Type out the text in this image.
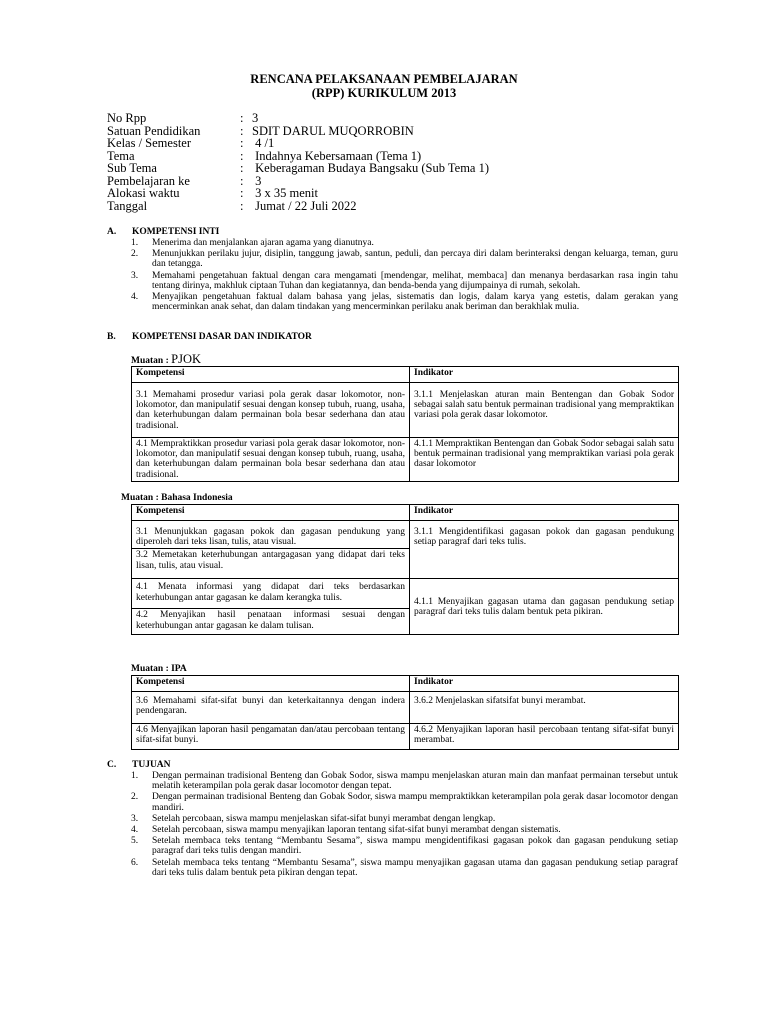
RENCANA PELAKSANAAN PEMBELAJARAN
(RPP) KURIKULUM 2013
No Rpp	: 3
Satuan Pendidikan	: SDIT DARUL MUQORROBIN
Kelas / Semester	: 4 /1
Tema	: Indahnya Kebersamaan (Tema 1)
Sub Tema	: Keberagaman Budaya Bangsaku (Sub Tema 1)
Pembelajaran ke	: 3
Alokasi waktu	: 3 x 35 menit
Tanggal	: Jumat / 22 Juli 2022
A. KOMPETENSI INTI
1.	Menerima dan menjalankan ajaran agama yang dianutnya.
2.	Menunjukkan perilaku jujur, disiplin, tanggung jawab, santun, peduli, dan percaya diri dalam berinteraksi dengan keluarga, teman, guru dan tetangga.
3.	Memahami pengetahuan faktual dengan cara mengamati [mendengar, melihat, membaca] dan menanya berdasarkan rasa ingin tahu tentang dirinya, makhluk ciptaan Tuhan dan kegiatannya, dan benda-benda yang dijumpainya di rumah, sekolah.
4.	Menyajikan pengetahuan faktual dalam bahasa yang jelas, sistematis dan logis, dalam karya yang estetis, dalam gerakan yang mencerminkan anak sehat, dan dalam tindakan yang mencerminkan perilaku anak beriman dan berakhlak mulia.
B. KOMPETENSI DASAR DAN INDIKATOR
Muatan : PJOK
Kompetensi	Indikator
3.1 Memahami prosedur variasi pola gerak dasar lokomotor, non-lokomotor, dan manipulatif sesuai dengan konsep tubuh, ruang, usaha, dan keterhubungan dalam permainan bola besar sederhana dan atau tradisional.	3.1.1 Menjelaskan aturan main Bentengan dan Gobak Sodor sebagai salah satu bentuk permainan tradisional yang mempraktikan variasi pola gerak dasar lokomotor.
4.1 Mempraktikkan prosedur variasi pola gerak dasar lokomotor, non-lokomotor, dan manipulatif sesuai dengan konsep tubuh, ruang, usaha, dan keterhubungan dalam permainan bola besar sederhana dan atau tradisional.	4.1.1 Mempraktikan Bentengan dan Gobak Sodor sebagai salah satu bentuk permainan tradisional yang mempraktikan variasi pola gerak dasar lokomotor
Muatan : Bahasa Indonesia
Kompetensi	Indikator
3.1 Menunjukkan gagasan pokok dan gagasan pendukung yang diperoleh dari teks lisan, tulis, atau visual.	3.1.1 Mengidentifikasi gagasan pokok dan gagasan pendukung setiap paragraf dari teks tulis.
3.2 Memetakan keterhubungan antargagasan yang didapat dari teks lisan, tulis, atau visual.	
4.1 Menata informasi yang didapat dari teks berdasarkan keterhubungan antar gagasan ke dalam kerangka tulis.	4.1.1 Menyajikan gagasan utama dan gagasan pendukung setiap paragraf dari teks tulis dalam bentuk peta pikiran.
4.2 Menyajikan hasil penataan informasi sesuai dengan keterhubungan antar gagasan ke dalam tulisan.	
Muatan : IPA
Kompetensi	Indikator
3.6 Memahami sifat-sifat bunyi dan keterkaitannya dengan indera pendengaran.	3.6.2 Menjelaskan sifatsifat bunyi merambat.
4.6 Menyajikan laporan hasil pengamatan dan/atau percobaan tentang sifat-sifat bunyi.	4.6.2 Menyajikan laporan hasil percobaan tentang sifat-sifat bunyi merambat.
C. TUJUAN
1.	Dengan permainan tradisional Benteng dan Gobak Sodor, siswa mampu menjelaskan aturan main dan manfaat permainan tersebut untuk melatih keterampilan pola gerak dasar locomotor dengan tepat.
2.	Dengan permainan tradisional Benteng dan Gobak Sodor, siswa mampu mempraktikkan keterampilan pola gerak dasar locomotor dengan mandiri.
3.	Setelah percobaan, siswa mampu menjelaskan sifat-sifat bunyi merambat dengan lengkap.
4.	Setelah percobaan, siswa mampu menyajikan laporan tentang sifat-sifat bunyi merambat dengan sistematis.
5.	Setelah membaca teks tentang “Membantu Sesama”, siswa mampu mengidentifikasi gagasan pokok dan gagasan pendukung setiap paragraf dari teks tulis dengan mandiri.
6.	Setelah membaca teks tentang “Membantu Sesama”, siswa mampu menyajikan gagasan utama dan gagasan pendukung setiap paragraf dari teks tulis dalam bentuk peta pikiran dengan tepat.
